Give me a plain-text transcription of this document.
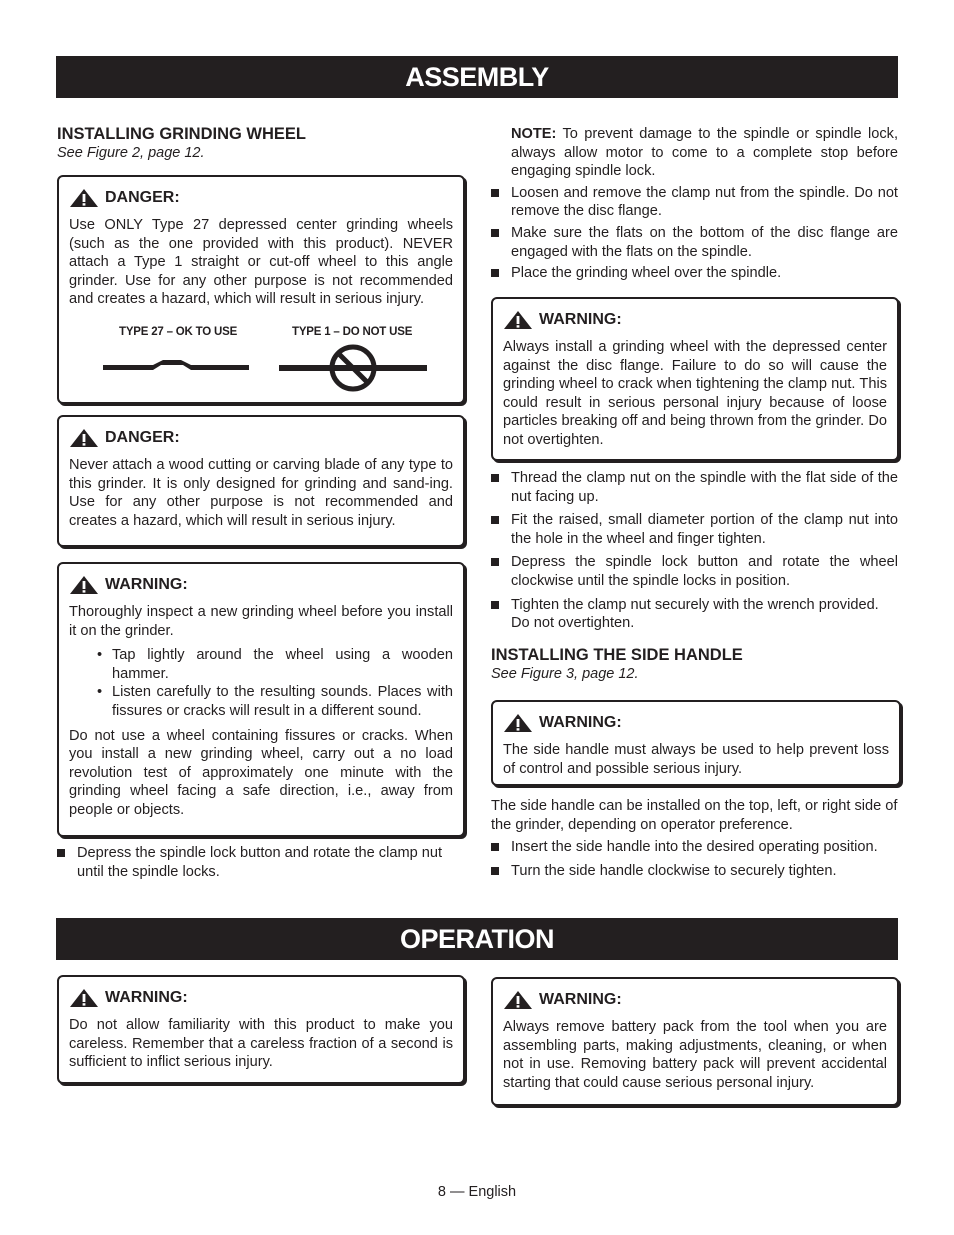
ASSEMBLY

INSTALLING GRINDING WHEEL

See Figure 2, page 12.

DANGER:

Use ONLY Type 27 depressed center grinding wheels (such as the one provided with this product). NEVER attach a Type 1 straight or cut-off wheel to this angle grinder. Use for any other purpose is not recommended and creates a hazard, which will result in serious injury.

TYPE 27 – OK TO USE	TYPE 1 – DO NOT USE
DANGER:

Never attach a wood cutting or carving blade of any type to this grinder. It is only designed for grinding and sand-ing. Use for any other purpose is not recommended and creates a hazard, which will result in serious injury.

WARNING:

Thoroughly inspect a new grinding wheel before you install it on the grinder.

• Tap lightly around the wheel using a wooden hammer.
• Listen carefully to the resulting sounds. Places with fissures or cracks will result in a different sound.

Do not use a wheel containing fissures or cracks. When you install a new grinding wheel, carry out a no load revolution test of approximately one minute with the grinding wheel facing a safe direction, i.e., away from people or objects.

Depress the spindle lock button and rotate the clamp nut until the spindle locks.

NOTE: To prevent damage to the spindle or spindle lock, always allow motor to come to a complete stop before engaging spindle lock.

Loosen and remove the clamp nut from the spindle. Do not remove the disc flange.

Make sure the flats on the bottom of the disc flange are engaged with the flats on the spindle.

Place the grinding wheel over the spindle.

WARNING:

Always install a grinding wheel with the depressed center against the disc flange. Failure to do so will cause the grinding wheel to crack when tightening the clamp nut. This could result in serious personal injury because of loose particles breaking off and being thrown from the grinder. Do not overtighten.

Thread the clamp nut on the spindle with the flat side of the nut facing up.

Fit the raised, small diameter portion of the clamp nut into the hole in the wheel and finger tighten.

Depress the spindle lock button and rotate the wheel clockwise until the spindle locks in position.

Tighten the clamp nut securely with the wrench provided. Do not overtighten.

INSTALLING THE SIDE HANDLE

See Figure 3, page 12.

WARNING:

The side handle must always be used to help prevent loss of control and possible serious injury.

The side handle can be installed on the top, left, or right side of the grinder, depending on operator preference.

Insert the side handle into the desired operating position.

Turn the side handle clockwise to securely tighten.

OPERATION
WARNING:

Do not allow familiarity with this product to make you careless. Remember that a careless fraction of a second is sufficient to inflict serious injury.

WARNING:

Always remove battery pack from the tool when you are assembling parts, making adjustments, cleaning, or when not in use. Removing battery pack will prevent accidental starting that could cause serious personal injury.

8 — English
